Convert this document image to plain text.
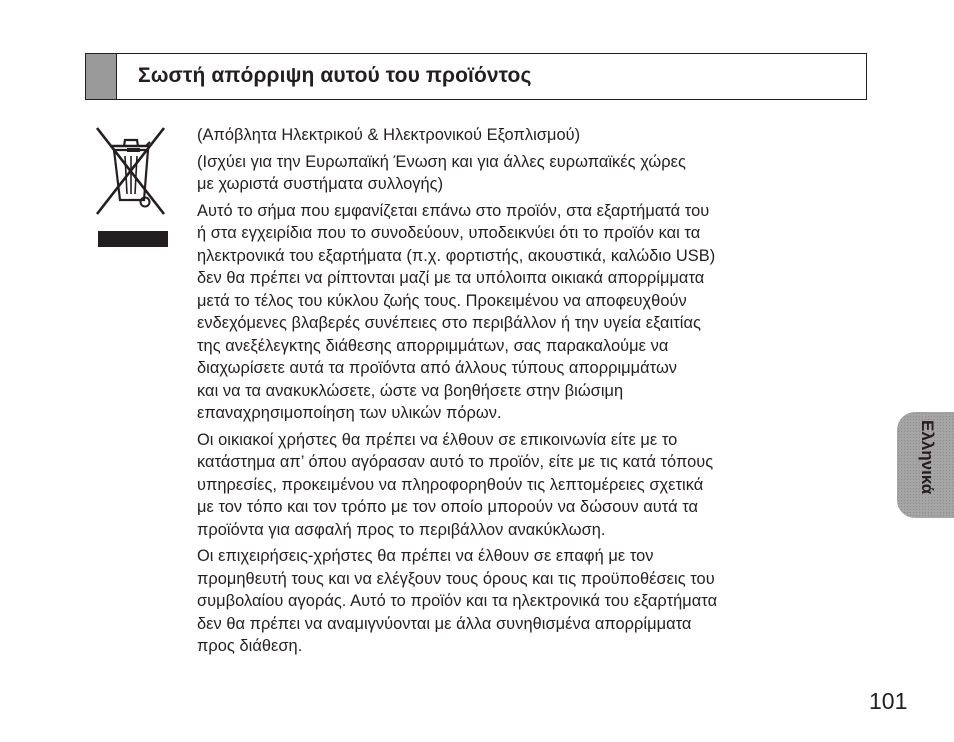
Σωστή απόρριψη αυτού του προϊόντος

(Απόβλητα Ηλεκτρικού & Ηλεκτρονικού Εξοπλισμού)

(Ισχύει για την Ευρωπαϊκή Ένωση και για άλλες ευρωπαϊκές χώρες
με χωριστά συστήματα συλλογής)

Αυτό το σήμα που εμφανίζεται επάνω στο προϊόν, στα εξαρτήματά του
ή στα εγχειρίδια που το συνοδεύουν, υποδεικνύει ότι το προϊόν και τα
ηλεκτρονικά του εξαρτήματα (π.χ. φορτιστής, ακουστικά, καλώδιο USB)
δεν θα πρέπει να ρίπτονται μαζί με τα υπόλοιπα οικιακά απορρίμματα
μετά το τέλος του κύκλου ζωής τους. Προκειμένου να αποφευχθούν
ενδεχόμενες βλαβερές συνέπειες στο περιβάλλον ή την υγεία εξαιτίας
της ανεξέλεγκτης διάθεσης απορριμμάτων, σας παρακαλούμε να
διαχωρίσετε αυτά τα προϊόντα από άλλους τύπους απορριμμάτων
και να τα ανακυκλώσετε, ώστε να βοηθήσετε στην βιώσιμη
επαναχρησιμοποίηση των υλικών πόρων.

Οι οικιακοί χρήστες θα πρέπει να έλθουν σε επικοινωνία είτε με το
κατάστημα απ’ όπου αγόρασαν αυτό το προϊόν, είτε με τις κατά τόπους
υπηρεσίες, προκειμένου να πληροφορηθούν τις λεπτομέρειες σχετικά
με τον τόπο και τον τρόπο με τον οποίο μπορούν να δώσουν αυτά τα
προϊόντα για ασφαλή προς το περιβάλλον ανακύκλωση.

Οι επιχειρήσεις-χρήστες θα πρέπει να έλθουν σε επαφή με τον
προμηθευτή τους και να ελέγξουν τους όρους και τις προϋποθέσεις του
συμβολαίου αγοράς. Αυτό το προϊόν και τα ηλεκτρονικά του εξαρτήματα
δεν θα πρέπει να αναμιγνύονται με άλλα συνηθισμένα απορρίμματα
προς διάθεση.

Ελληνικά
101
